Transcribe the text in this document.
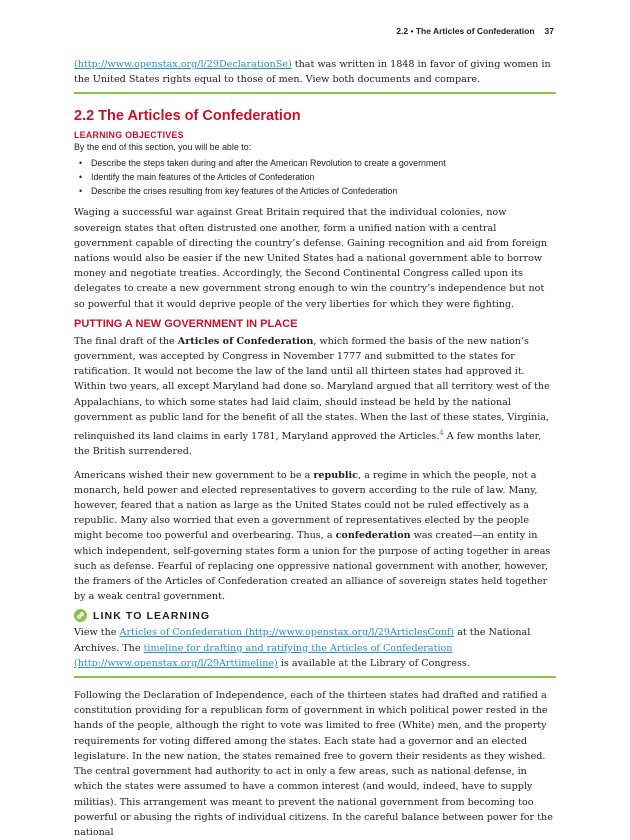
2.2 • The Articles of Confederation 37

(http://www.openstax.org/l/29DeclarationSe) that was written in 1848 in favor of giving women in the United States rights equal to those of men. View both documents and compare.

2.2 The Articles of Confederation
LEARNING OBJECTIVES
By the end of this section, you will be able to:
• Describe the steps taken during and after the American Revolution to create a government
• Identify the main features of the Articles of Confederation
• Describe the crises resulting from key features of the Articles of Confederation

Waging a successful war against Great Britain required that the individual colonies, now sovereign states that often distrusted one another, form a unified nation with a central government capable of directing the country’s defense. Gaining recognition and aid from foreign nations would also be easier if the new United States had a national government able to borrow money and negotiate treaties. Accordingly, the Second Continental Congress called upon its delegates to create a new government strong enough to win the country’s independence but not so powerful that it would deprive people of the very liberties for which they were fighting.

PUTTING A NEW GOVERNMENT IN PLACE

The final draft of the Articles of Confederation, which formed the basis of the new nation’s government, was accepted by Congress in November 1777 and submitted to the states for ratification. It would not become the law of the land until all thirteen states had approved it. Within two years, all except Maryland had done so. Maryland argued that all territory west of the Appalachians, to which some states had laid claim, should instead be held by the national government as public land for the benefit of all the states. When the last of these states, Virginia, relinquished its land claims in early 1781, Maryland approved the Articles.$^4$ A few months later, the British surrendered.

Americans wished their new government to be a republic, a regime in which the people, not a monarch, held power and elected representatives to govern according to the rule of law. Many, however, feared that a nation as large as the United States could not be ruled effectively as a republic. Many also worried that even a government of representatives elected by the people might become too powerful and overbearing. Thus, a confederation was created—an entity in which independent, self-governing states form a union for the purpose of acting together in areas such as defense. Fearful of replacing one oppressive national government with another, however, the framers of the Articles of Confederation created an alliance of sovereign states held together by a weak central government.

LINK TO LEARNING

View the Articles of Confederation (http://www.openstax.org/l/29ArticlesConf) at the National Archives. The timeline for drafting and ratifying the Articles of Confederation (http://www.openstax.org/l/29Arttimeline) is available at the Library of Congress.

Following the Declaration of Independence, each of the thirteen states had drafted and ratified a constitution providing for a republican form of government in which political power rested in the hands of the people, although the right to vote was limited to free (White) men, and the property requirements for voting differed among the states. Each state had a governor and an elected legislature. In the new nation, the states remained free to govern their residents as they wished. The central government had authority to act in only a few areas, such as national defense, in which the states were assumed to have a common interest (and would, indeed, have to supply militias). This arrangement was meant to prevent the national government from becoming too powerful or abusing the rights of individual citizens. In the careful balance between power for the national
